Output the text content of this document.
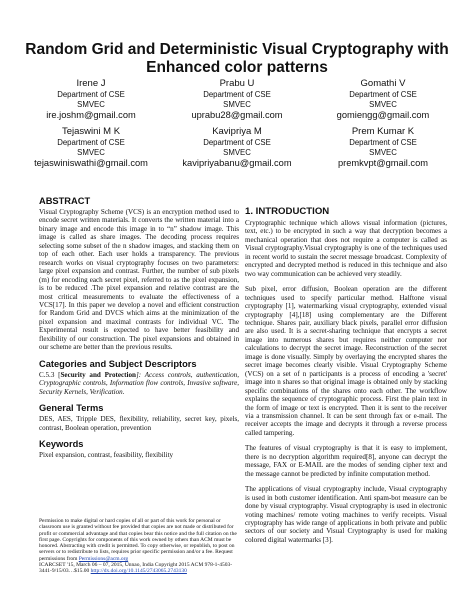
Random Grid and Deterministic Visual Cryptography with
Enhanced color patterns
Irene J
Department of CSE
SMVEC
ire.joshm@gmail.com
Prabu U
Department of CSE
SMVEC
uprabu28@gmail.com
Gomathi V
Department of CSE
SMVEC
gomiengg@gmail.com
Tejaswini M K
Department of CSE
SMVEC
tejaswiniswathi@gmail.com
Kavipriya M
Department of CSE
SMVEC
kavipriyabanu@gmail.com
Prem Kumar K
Department of CSE
SMVEC
premkvpt@gmail.com
ABSTRACT

Visual Cryptography Scheme (VCS) is an encryption method used to encode secret written materials. It converts the written material into a binary image and encode this image in to “n” shadow image. This image is called as share images. The decoding process requires selecting some subset of the n shadow images, and stacking them on top of each other. Each user holds a transparency. The previous research works on visual cryptography focuses on two parameters: large pixel expansion and contrast. Further, the number of sub pixels (m) for encoding each secret pixel, referred to as the pixel expansion, is to be reduced .The pixel expansion and relative contrast are the most critical measurements to evaluate the effectiveness of a VCS[17]. In this paper we develop a novel and efficient construction for Random Grid and DVCS which aims at the minimization of the pixel expansion and maximal contrasts for individual VC. The Experimental result is expected to have better feasibility and flexibility of our construction. The pixel expansions and obtained in our scheme are better than the previous results.

Categories and Subject Descriptors

C.5.3 [Security and Protection]: Access controls, authentication, Cryptographic controls, Information flow controls, Invasive software, Security Kernels, Verification.

General Terms

DES, AES, Tripple DES, flexibility, reliability, secret key, pixels, contrast, Boolean operation, prevention

Keywords

Pixel expansion, contrast, feasibility, flexibility

Permission to make digital or hard copies of all or part of this work for personal or classroom use is granted without fee provided that copies are not made or distributed for profit or commercial advantage and that copies bear this notice and the full citation on the first page. Copyrights for components of this work owned by others than ACM must be honored. Abstracting with credit is permitted. To copy otherwise, or republish, to post on servers or to redistribute to lists, requires prior specific permission and/or a fee. Request permissions from Permissions@acm.org
ICARCSET '15, March 06 – 07, 2015, Unnao, India Copyright 2015 ACM 978-1-4503-3441-9/15/03…$15.00 http://dx.doi.org/10.1145/2743065.2743130
1. INTRODUCTION

Cryptographic technique which allows visual information (pictures, text, etc.) to be encrypted in such a way that decryption becomes a mechanical operation that does not require a computer is called as Visual cryptography.Visual cryptography is one of the techniques used in recent world to sustain the secret message broadcast. Complexity of encrypted and decrypted method is reduced in this technique and also two way communication can be achieved very steadily.

Sub pixel, error diffusion, Boolean operation are the different techniques used to specify particular method. Halftone visual cryptography [1], watermarking visual cryptography, extended visual cryptography [4],[18] using complementary are the Different technique. Shares pair, auxiliary black pixels, parallel error diffusion are also used. It is a secret-sharing technique that encrypts a secret image into numerous shares but requires neither computer nor calculations to decrypt the secret image. Reconstruction of the secret image is done visually. Simply by overlaying the encrypted shares the secret image becomes clearly visible. Visual Cryptography Scheme (VCS) on a set of n participants is a process of encoding a 'secret' image into n shares so that original image is obtained only by stacking specific combinations of the shares onto each other. The workflow explains the sequence of cryptographic process. First the plain text in the form of image or text is encrypted. Then it is sent to the receiver via a transmission channel. It can be sent through fax or e-mail. The receiver accepts the image and decrypts it through a reverse process called tampering.

The features of visual cryptography is that it is easy to implement, there is no decryption algorithm required[8], anyone can decrypt the message, FAX or E-MAIL are the modes of sending cipher text and the message cannot be predicted by infinite computation method.

The applications of visual cryptography include, Visual cryptography is used in both customer identification. Anti spam-bot measure can be done by visual cryptography. Visual cryptography is used in electronic voting machines/ remote voting machines to verify receipts. Visual cryptography has wide range of applications in both private and public sectors of our society and Visual Cryptography is used for making colored digital watermarks [3].
